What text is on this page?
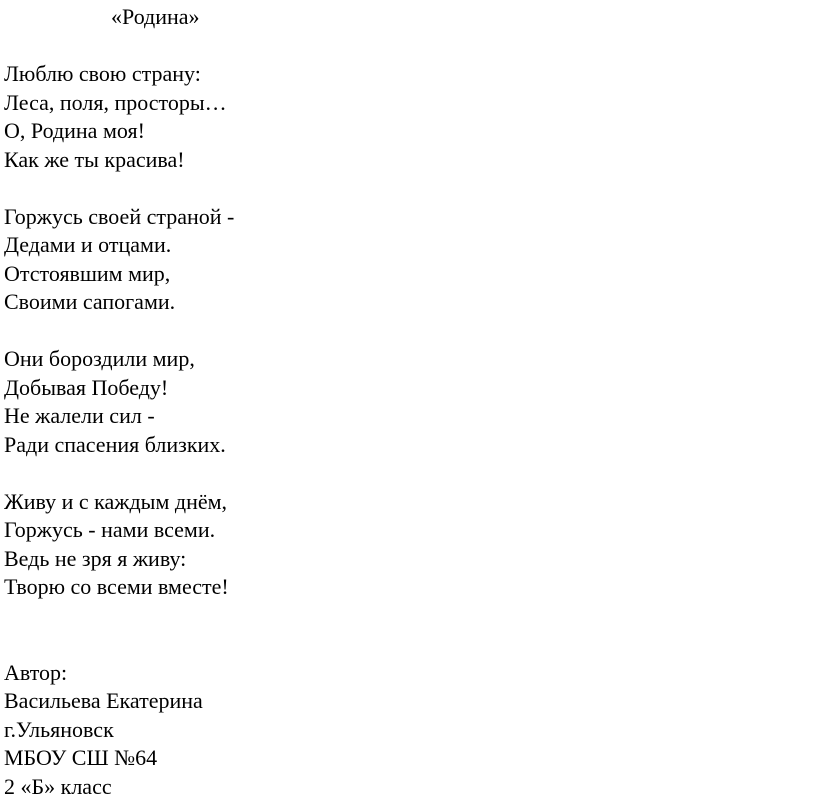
«Родина»
Люблю свою страну:
Леса, поля, просторы…
О, Родина моя!
Как же ты красива!
Горжусь своей страной -
Дедами и отцами.
Отстоявшим мир,
Своими сапогами.
Они бороздили мир,
Добывая Победу!
Не жалели сил -
Ради спасения близких.
Живу и с каждым днём,
Горжусь - нами всеми.
Ведь не зря я живу:
Творю со всеми вместе!
Автор:
Васильева Екатерина
г.Ульяновск
МБОУ СШ №64
2 «Б» класс
